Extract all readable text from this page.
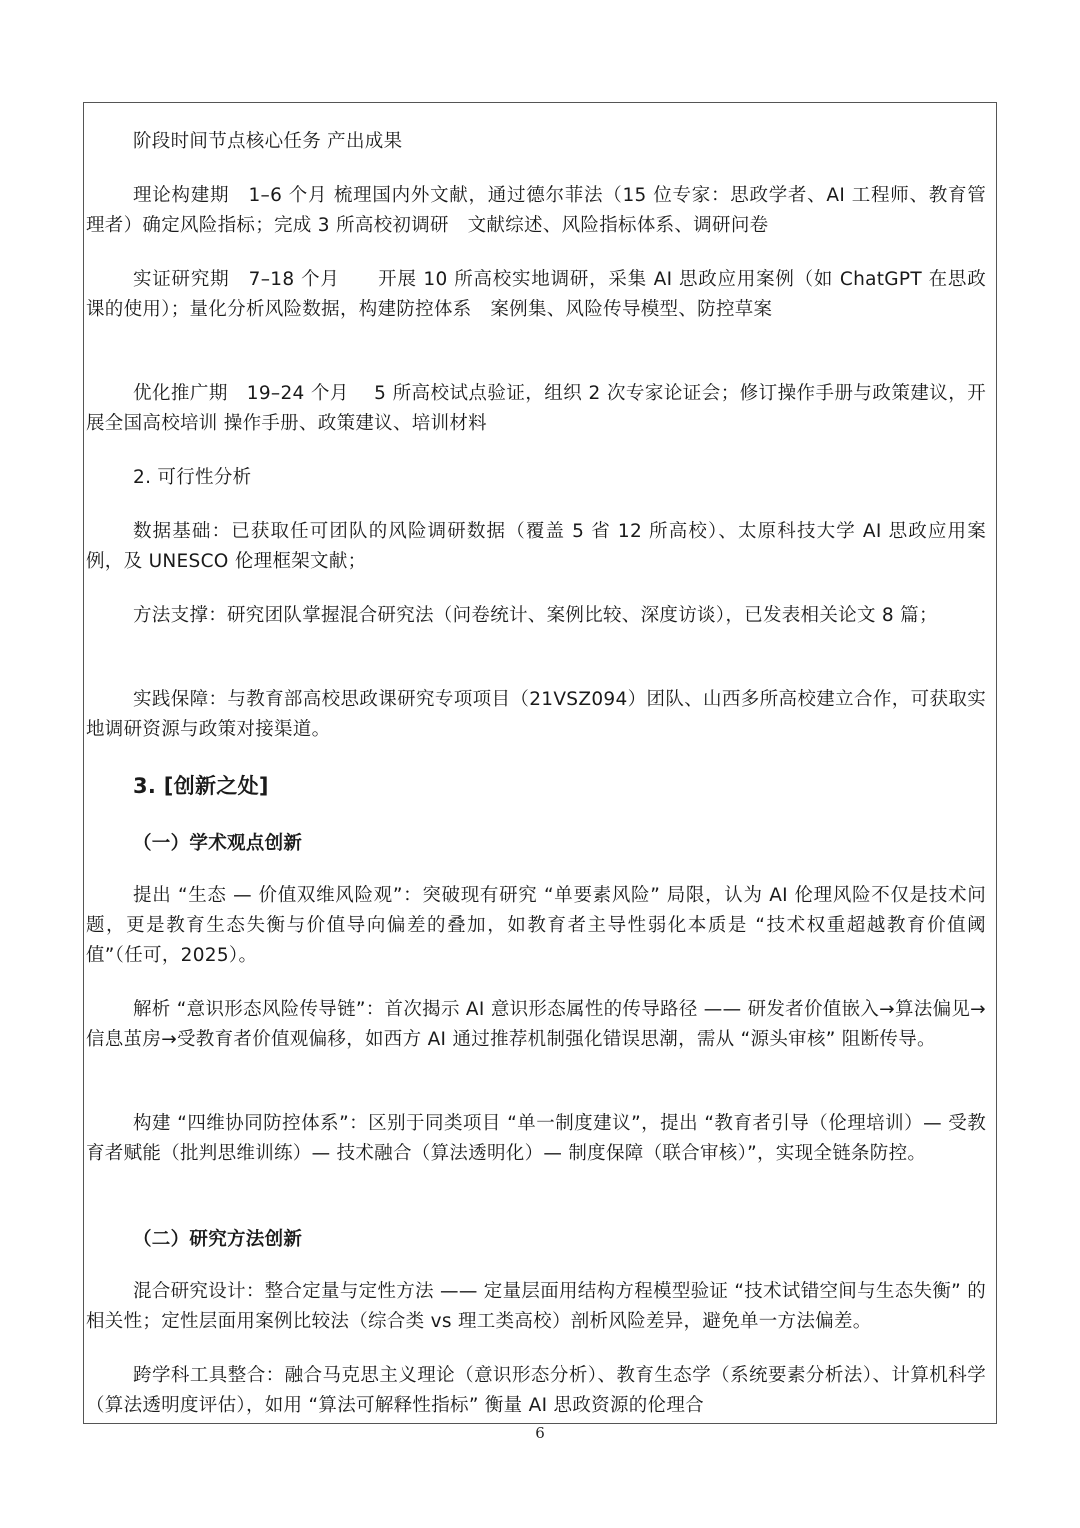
阶段时间节点核心任务 产出成果

理论构建期　1–6 个月 梳理国内外文献，通过德尔菲法（15 位专家：思政学者、AI 工程师、教育管理者）确定风险指标；完成 3 所高校初调研　文献综述、风险指标体系、调研问卷

实证研究期　7–18 个月　　开展 10 所高校实地调研，采集 AI 思政应用案例（如 ChatGPT 在思政课的使用）；量化分析风险数据，构建防控体系　案例集、风险传导模型、防控草案

优化推广期　19–24 个月　 5 所高校试点验证，组织 2 次专家论证会；修订操作手册与政策建议，开展全国高校培训 操作手册、政策建议、培训材料

2. 可行性分析

数据基础：已获取任可团队的风险调研数据（覆盖 5 省 12 所高校）、太原科技大学 AI 思政应用案例，及 UNESCO 伦理框架文献；

方法支撑：研究团队掌握混合研究法（问卷统计、案例比较、深度访谈），已发表相关论文 8 篇；

实践保障：与教育部高校思政课研究专项项目（21VSZ094）团队、山西多所高校建立合作，可获取实地调研资源与政策对接渠道。

3. [创新之处]

（一）学术观点创新

提出 “生态 — 价值双维风险观”：突破现有研究 “单要素风险” 局限，认为 AI 伦理风险不仅是技术问题，更是教育生态失衡与价值导向偏差的叠加，如教育者主导性弱化本质是 “技术权重超越教育价值阈值”（任可，2025）。

解析 “意识形态风险传导链”：首次揭示 AI 意识形态属性的传导路径 —— 研发者价值嵌入→算法偏见→信息茧房→受教育者价值观偏移，如西方 AI 通过推荐机制强化错误思潮，需从 “源头审核” 阻断传导。

构建 “四维协同防控体系”：区别于同类项目 “单一制度建议”，提出 “教育者引导（伦理培训）— 受教育者赋能（批判思维训练）— 技术融合（算法透明化）— 制度保障（联合审核）”，实现全链条防控。

（二）研究方法创新

混合研究设计：整合定量与定性方法 —— 定量层面用结构方程模型验证 “技术试错空间与生态失衡” 的相关性；定性层面用案例比较法（综合类 vs 理工类高校）剖析风险差异，避免单一方法偏差。

跨学科工具整合：融合马克思主义理论（意识形态分析）、教育生态学（系统要素分析法）、计算机科学（算法透明度评估），如用 “算法可解释性指标” 衡量 AI 思政资源的伦理合

6
